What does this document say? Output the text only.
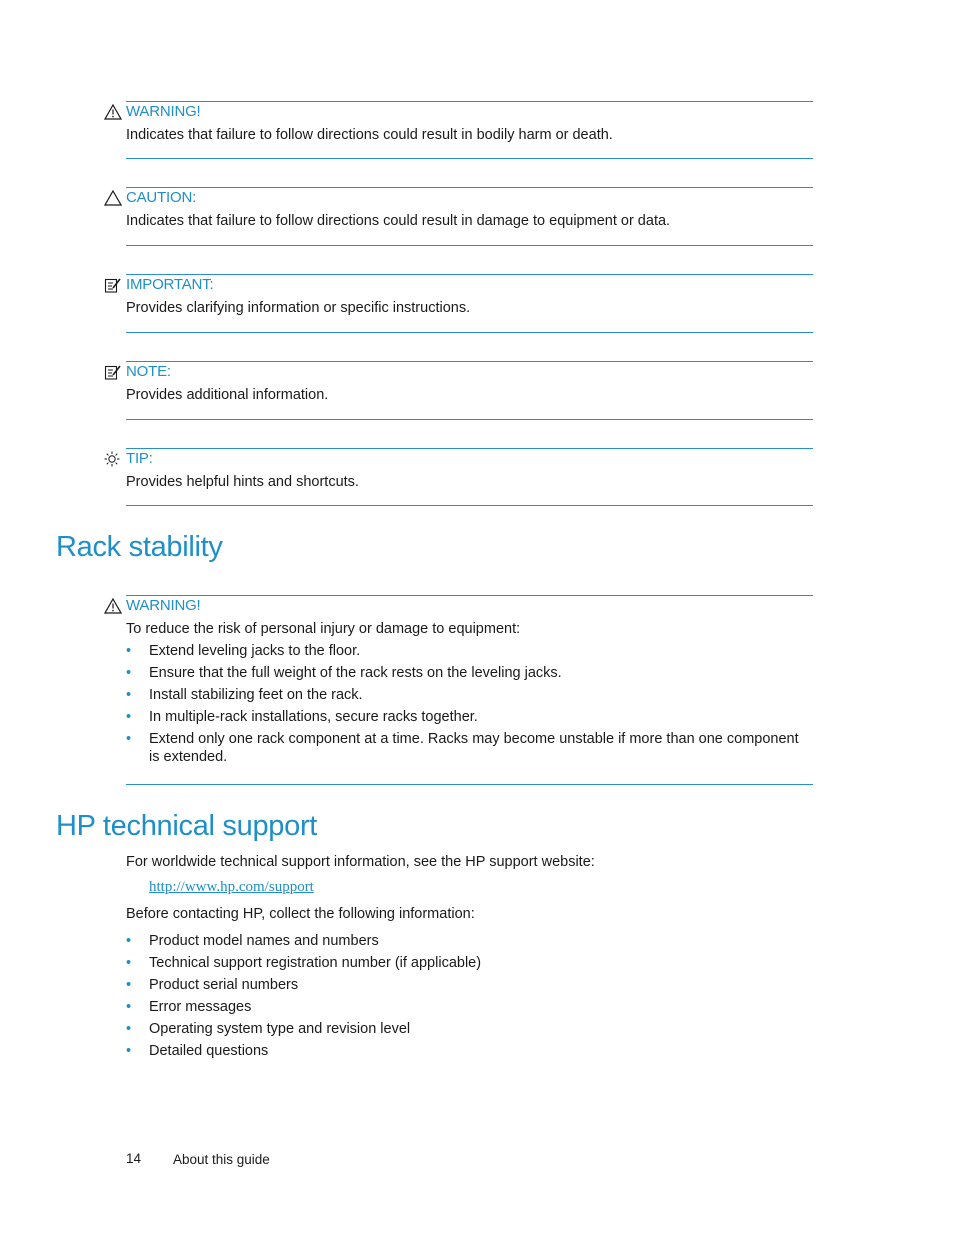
WARNING!
Indicates that failure to follow directions could result in bodily harm or death.
CAUTION:
Indicates that failure to follow directions could result in damage to equipment or data.
IMPORTANT:
Provides clarifying information or specific instructions.
NOTE:
Provides additional information.
TIP:
Provides helpful hints and shortcuts.
Rack stability
WARNING!
To reduce the risk of personal injury or damage to equipment:
• Extend leveling jacks to the floor.
• Ensure that the full weight of the rack rests on the leveling jacks.
• Install stabilizing feet on the rack.
• In multiple-rack installations, secure racks together.
• Extend only one rack component at a time. Racks may become unstable if more than one component is extended.
HP technical support
For worldwide technical support information, see the HP support website:
http://www.hp.com/support
Before contacting HP, collect the following information:
• Product model names and numbers
• Technical support registration number (if applicable)
• Product serial numbers
• Error messages
• Operating system type and revision level
• Detailed questions
14 About this guide
